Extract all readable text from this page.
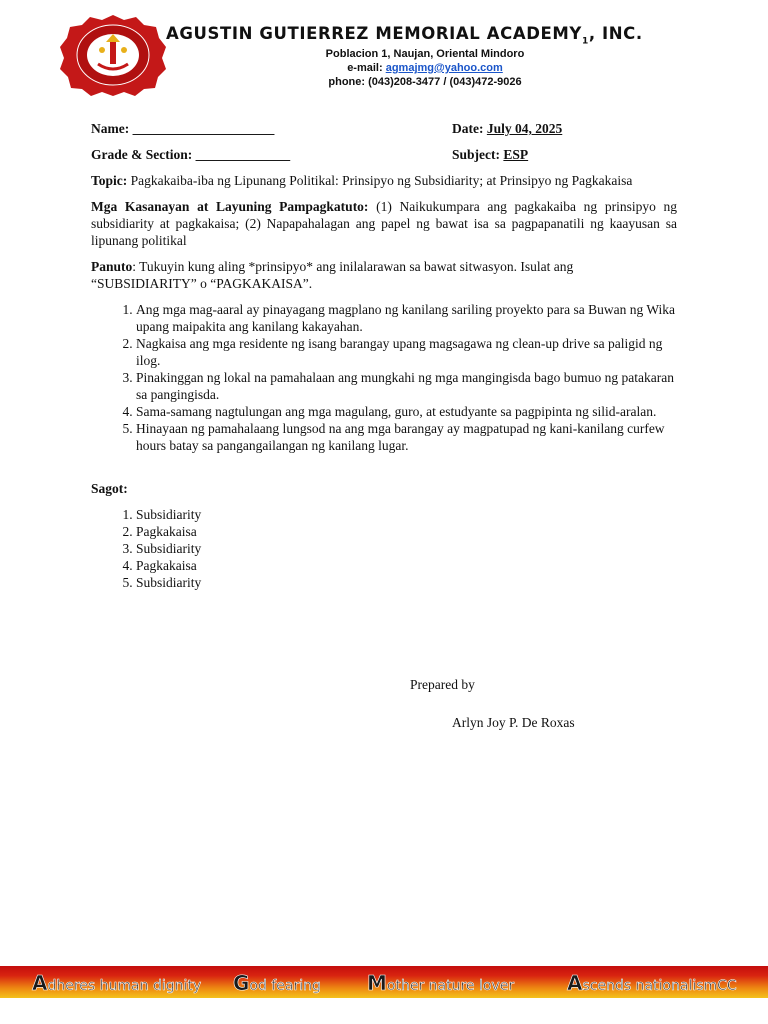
AGUSTIN GUTIERREZ MEMORIAL $ACADEMY_1$, INC.
Poblacion 1, Naujan, Oriental Mindoro
e-mail: agmajmg@yahoo.com
phone: (043)208-3477 / (043)472-9026
Name: _____________________	Date: July 04, 2025
Grade & Section: ______________	Subject: ESP

Topic: Pagkakaiba-iba ng Lipunang Politikal: Prinsipyo ng Subsidiarity; at Prinsipyo ng Pagkakaisa

Mga Kasanayan at Layuning Pampagkatuto: (1) Naikukumpara ang pagkakaiba ng prinsipyo ng subsidiarity at pagkakaisa; (2) Napapahalagan ang papel ng bawat isa sa pagpapanatili ng kaayusan sa lipunang politikal

Panuto: Tukuyin kung aling *prinsipyo* ang inilalarawan sa bawat sitwasyon. Isulat ang “SUBSIDIARITY” o “PAGKAKAISA”.

1. Ang mga mag-aaral ay pinayagang magplano ng kanilang sariling proyekto para sa Buwan ng Wika upang maipakita ang kanilang kakayahan.
2. Nagkaisa ang mga residente ng isang barangay upang magsagawa ng clean-up drive sa paligid ng ilog.
3. Pinakinggan ng lokal na pamahalaan ang mungkahi ng mga mangingisda bago bumuo ng patakaran sa pangingisda.
4. Sama-samang nagtulungan ang mga magulang, guro, at estudyante sa pagpipinta ng silid-aralan.
5. Hinayaan ng pamahalaang lungsod na ang mga barangay ay magpatupad ng kani-kanilang curfew hours batay sa pangangailangan ng kanilang lugar.

Sagot:

1. Subsidiarity
2. Pagkakaisa
3. Subsidiarity
4. Pagkakaisa
5. Subsidiarity
Prepared by
Arlyn Joy P. De Roxas
Adheres human dignity God fearing Mother nature lover	Ascends nationalismCC
